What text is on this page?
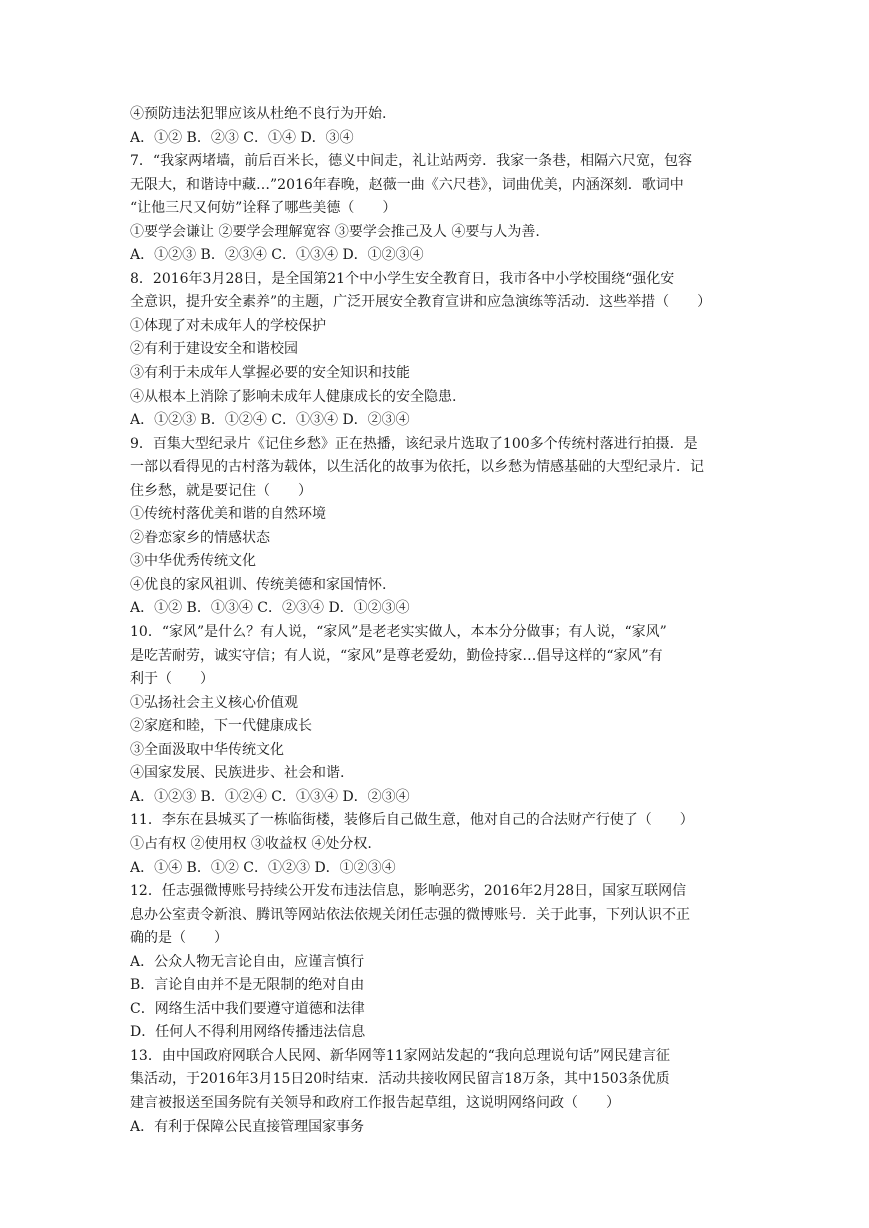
④预防违法犯罪应该从杜绝不良行为开始.
A．①② B．②③ C．①④ D．③④
7．“我家两堵墙，前后百米长，德义中间走，礼让站两旁．我家一条巷，相隔六尺宽，包容
无限大，和谐诗中藏…”2016年春晚，赵薇一曲《六尺巷》，词曲优美，内涵深刻．歌词中
“让他三尺又何妨”诠释了哪些美德（　　）
①要学会谦让 ②要学会理解宽容 ③要学会推己及人 ④要与人为善.
A．①②③ B．②③④ C．①③④ D．①②③④
8．2016年3月28日，是全国第21个中小学生安全教育日，我市各中小学校围绕“强化安
全意识，提升安全素养”的主题，广泛开展安全教育宣讲和应急演练等活动．这些举措（　　）
①体现了对未成年人的学校保护
②有利于建设安全和谐校园
③有利于未成年人掌握必要的安全知识和技能
④从根本上消除了影响未成年人健康成长的安全隐患.
A．①②③ B．①②④ C．①③④ D．②③④
9．百集大型纪录片《记住乡愁》正在热播，该纪录片选取了100多个传统村落进行拍摄．是
一部以看得见的古村落为载体，以生活化的故事为依托，以乡愁为情感基础的大型纪录片．记
住乡愁，就是要记住（　　）
①传统村落优美和谐的自然环境
②眷恋家乡的情感状态
③中华优秀传统文化
④优良的家风祖训、传统美德和家国情怀.
A．①② B．①③④ C．②③④ D．①②③④
10．“家风”是什么？有人说，“家风”是老老实实做人，本本分分做事；有人说，“家风”
是吃苦耐劳，诚实守信；有人说，“家风”是尊老爱幼，勤俭持家…倡导这样的“家风”有
利于（　　）
①弘扬社会主义核心价值观
②家庭和睦，下一代健康成长
③全面汲取中华传统文化
④国家发展、民族进步、社会和谐.
A．①②③ B．①②④ C．①③④ D．②③④
11．李东在县城买了一栋临街楼，装修后自己做生意，他对自己的合法财产行使了（　　）
①占有权 ②使用权 ③收益权 ④处分权.
A．①④ B．①② C．①②③ D．①②③④
12．任志强微博账号持续公开发布违法信息，影响恶劣，2016年2月28日，国家互联网信
息办公室责令新浪、腾讯等网站依法依规关闭任志强的微博账号．关于此事，下列认识不正
确的是（　　）
A．公众人物无言论自由，应谨言慎行
B．言论自由并不是无限制的绝对自由
C．网络生活中我们要遵守道德和法律
D．任何人不得利用网络传播违法信息
13．由中国政府网联合人民网、新华网等11家网站发起的“我向总理说句话”网民建言征
集活动，于2016年3月15日20时结束．活动共接收网民留言18万条，其中1503条优质
建言被报送至国务院有关领导和政府工作报告起草组，这说明网络问政（　　）
A．有利于保障公民直接管理国家事务
